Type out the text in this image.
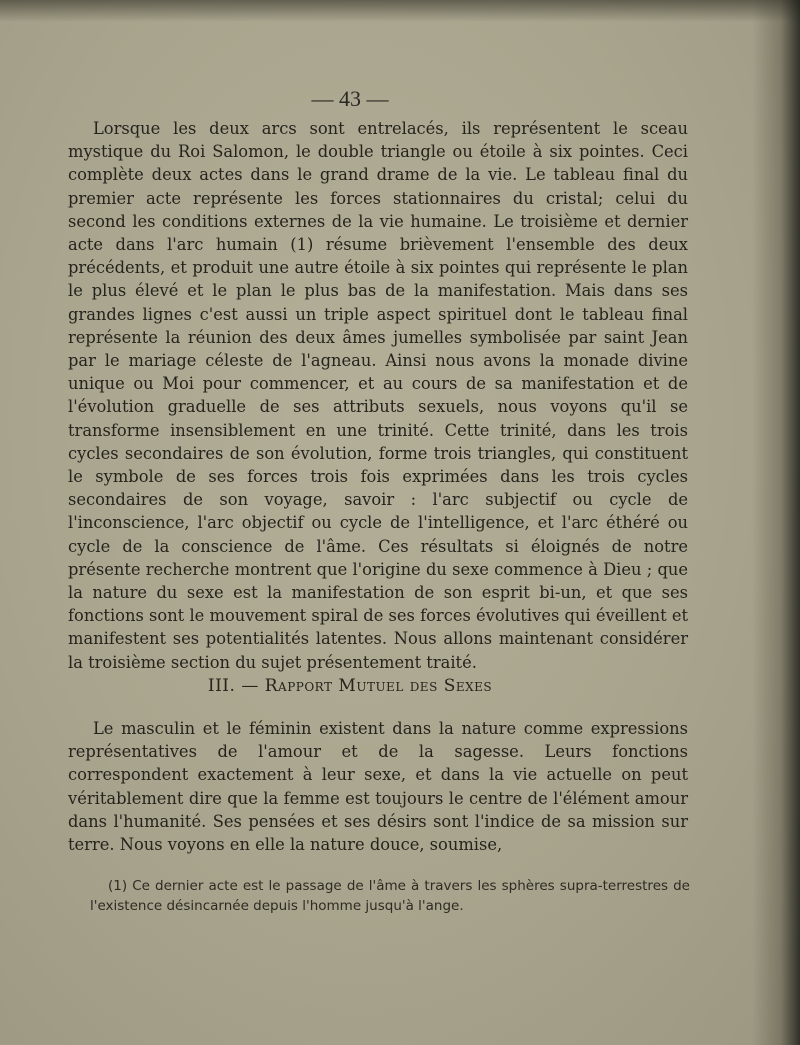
— 43 —

Lorsque les deux arcs sont entrelacés, ils représentent le sceau mystique du Roi Salomon, le double triangle ou étoile à six pointes. Ceci complète deux actes dans le grand drame de la vie. Le tableau final du premier acte représente les forces stationnaires du cristal; celui du second les conditions externes de la vie humaine. Le troisième et dernier acte dans l'arc humain (1) résume brièvement l'ensemble des deux précédents, et produit une autre étoile à six pointes qui représente le plan le plus élevé et le plan le plus bas de la manifestation. Mais dans ses grandes lignes c'est aussi un triple aspect spirituel dont le tableau final représente la réunion des deux âmes jumelles symbolisée par saint Jean par le mariage céleste de l'agneau. Ainsi nous avons la monade divine unique ou Moi pour commencer, et au cours de sa manifestation et de l'évolution graduelle de ses attributs sexuels, nous voyons qu'il se transforme insensiblement en une trinité. Cette trinité, dans les trois cycles secondaires de son évolution, forme trois triangles, qui constituent le symbole de ses forces trois fois exprimées dans les trois cycles secondaires de son voyage, savoir : l'arc subjectif ou cycle de l'inconscience, l'arc objectif ou cycle de l'intelligence, et l'arc éthéré ou cycle de la conscience de l'âme. Ces résultats si éloignés de notre présente recherche montrent que l'origine du sexe commence à Dieu ; que la nature du sexe est la manifestation de son esprit bi-un, et que ses fonctions sont le mouvement spiral de ses forces évolutives qui éveillent et manifestent ses potentialités latentes. Nous allons maintenant considérer la troisième section du sujet présentement traité.

III. — Rapport Mutuel des Sexes

Le masculin et le féminin existent dans la nature comme expressions représentatives de l'amour et de la sagesse. Leurs fonctions correspondent exactement à leur sexe, et dans la vie actuelle on peut véritablement dire que la femme est toujours le centre de l'élément amour dans l'humanité. Ses pensées et ses désirs sont l'indice de sa mission sur terre. Nous voyons en elle la nature douce, soumise,

(1) Ce dernier acte est le passage de l'âme à travers les sphères supra-terrestres de l'existence désincarnée depuis l'homme jusqu'à l'ange.
